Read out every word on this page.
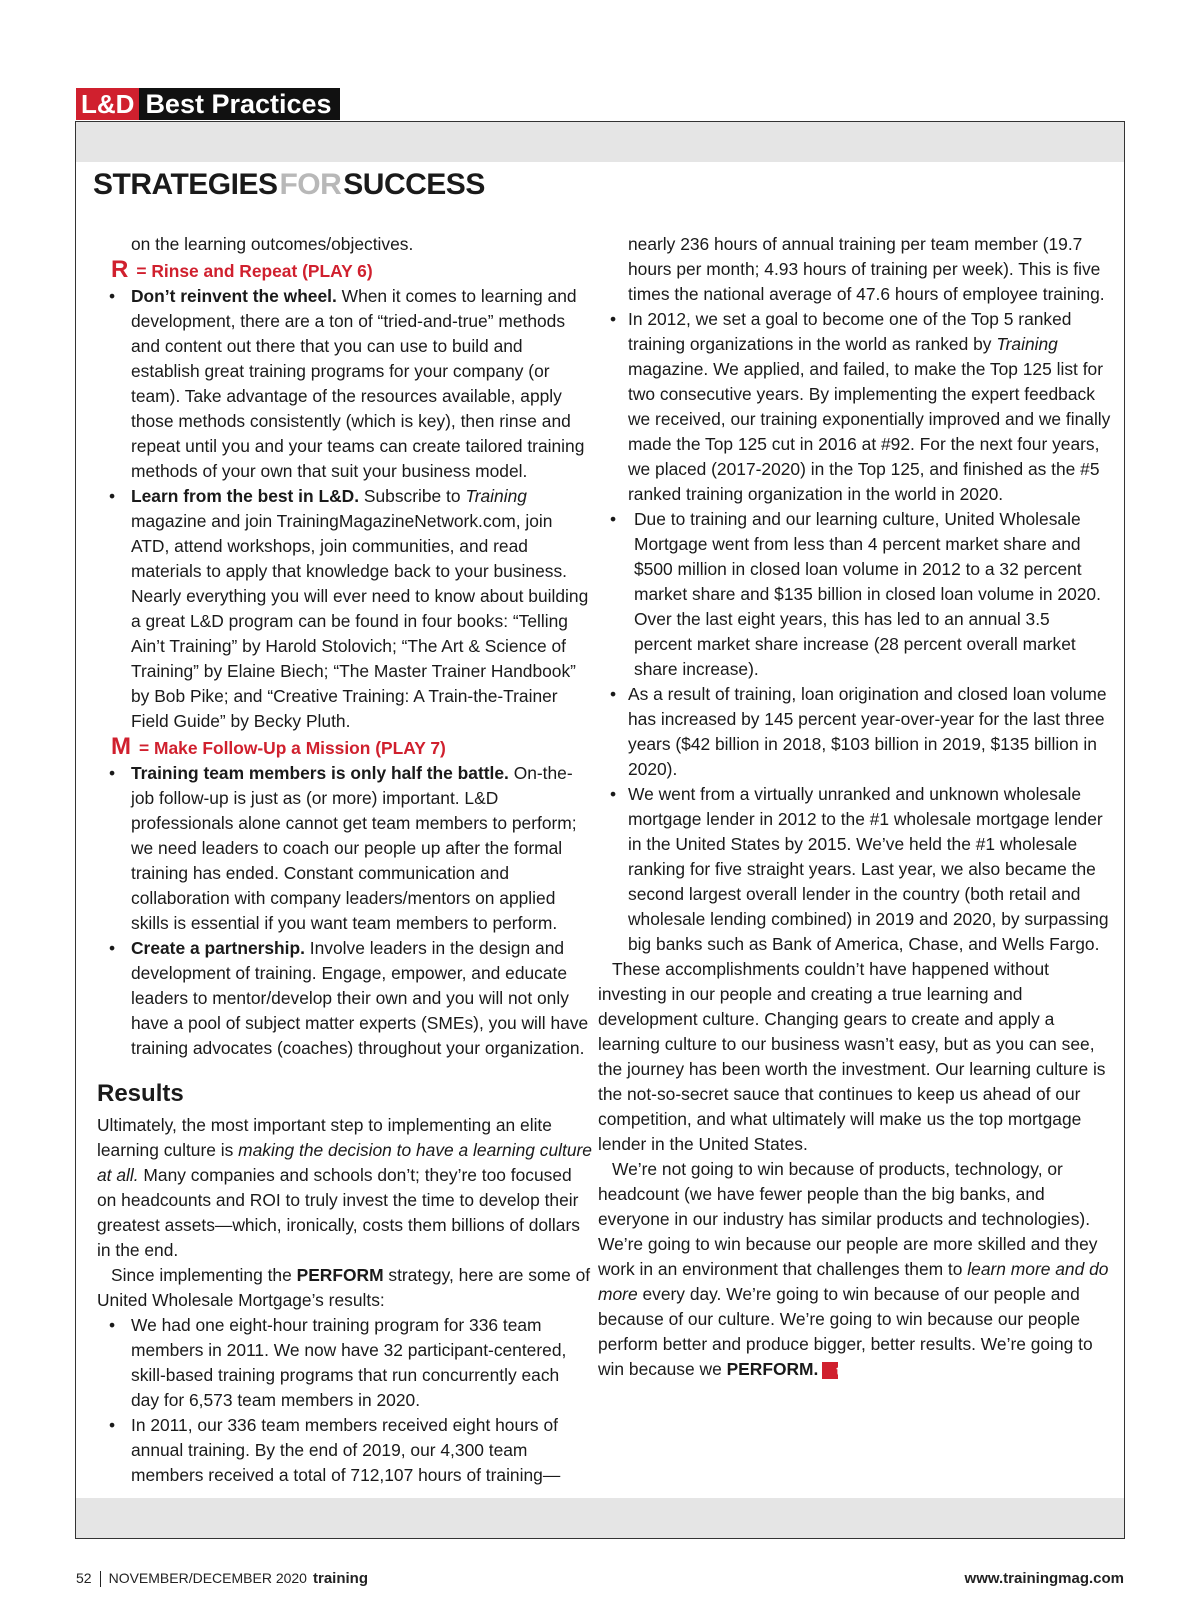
L&D Best Practices
STRATEGIESFORSUCCESS

on the learning outcomes/objectives.

R = Rinse and Repeat (PLAY 6)
• Don’t reinvent the wheel. When it comes to learning and development, there are a ton of “tried-and-true” methods and content out there that you can use to build and establish great training programs for your company (or team). Take advantage of the resources available, apply those methods consistently (which is key), then rinse and repeat until you and your teams can create tailored training methods of your own that suit your business model.
• Learn from the best in L&D. Subscribe to Training magazine and join TrainingMagazineNetwork.com, join ATD, attend workshops, join communities, and read materials to apply that knowledge back to your business. Nearly everything you will ever need to know about building a great L&D program can be found in four books: “Telling Ain’t Training” by Harold Stolovich; “The Art & Science of Training” by Elaine Biech; “The Master Trainer Handbook” by Bob Pike; and “Creative Training: A Train-the-Trainer Field Guide” by Becky Pluth.
M = Make Follow-Up a Mission (PLAY 7)
• Training team members is only half the battle. On-the-job follow-up is just as (or more) important. L&D professionals alone cannot get team members to perform; we need leaders to coach our people up after the formal training has ended. Constant communication and collaboration with company leaders/mentors on applied skills is essential if you want team members to perform.
• Create a partnership. Involve leaders in the design and development of training. Engage, empower, and educate leaders to mentor/develop their own and you will not only have a pool of subject matter experts (SMEs), you will have training advocates (coaches) throughout your organization.
Results

Ultimately, the most important step to implementing an elite learning culture is making the decision to have a learning culture at all. Many companies and schools don’t; they’re too focused on headcounts and ROI to truly invest the time to develop their greatest assets—which, ironically, costs them billions of dollars in the end.

Since implementing the PERFORM strategy, here are some of United Wholesale Mortgage’s results:

• We had one eight-hour training program for 336 team members in 2011. We now have 32 participant-centered, skill-based training programs that run concurrently each day for 6,573 team members in 2020.
• In 2011, our 336 team members received eight hours of annual training. By the end of 2019, our 4,300 team members received a total of 712,107 hours of training—

nearly 236 hours of annual training per team member (19.7 hours per month; 4.93 hours of training per week). This is five times the national average of 47.6 hours of employee training.

• In 2012, we set a goal to become one of the Top 5 ranked training organizations in the world as ranked by Training magazine. We applied, and failed, to make the Top 125 list for two consecutive years. By implementing the expert feedback we received, our training exponentially improved and we finally made the Top 125 cut in 2016 at #92. For the next four years, we placed (2017-2020) in the Top 125, and finished as the #5 ranked training organization in the world in 2020.
• Due to training and our learning culture, United Wholesale Mortgage went from less than 4 percent market share and $500 million in closed loan volume in 2012 to a 32 percent market share and $135 billion in closed loan volume in 2020. Over the last eight years, this has led to an annual 3.5 percent market share increase (28 percent overall market share increase).
• As a result of training, loan origination and closed loan volume has increased by 145 percent year-over-year for the last three years ($42 billion in 2018, $103 billion in 2019, $135 billion in 2020).
• We went from a virtually unranked and unknown wholesale mortgage lender in 2012 to the #1 wholesale mortgage lender in the United States by 2015. We’ve held the #1 wholesale ranking for five straight years. Last year, we also became the second largest overall lender in the country (both retail and wholesale lending combined) in 2019 and 2020, by surpassing big banks such as Bank of America, Chase, and Wells Fargo.

These accomplishments couldn’t have happened without investing in our people and creating a true learning and development culture. Changing gears to create and apply a learning culture to our business wasn’t easy, but as you can see, the journey has been worth the investment. Our learning culture is the not-so-secret sauce that continues to keep us ahead of our competition, and what ultimately will make us the top mortgage lender in the United States.

We’re not going to win because of products, technology, or headcount (we have fewer people than the big banks, and everyone in our industry has similar products and technologies). We’re going to win because our people are more skilled and they work in an environment that challenges them to learn more and do more every day. We’re going to win because of our people and because of our culture. We’re going to win because our people perform better and produce bigger, better results. We’re going to win because we PERFORM. t

52 NOVEMBER/DECEMBER 2020 training	www.trainingmag.com
